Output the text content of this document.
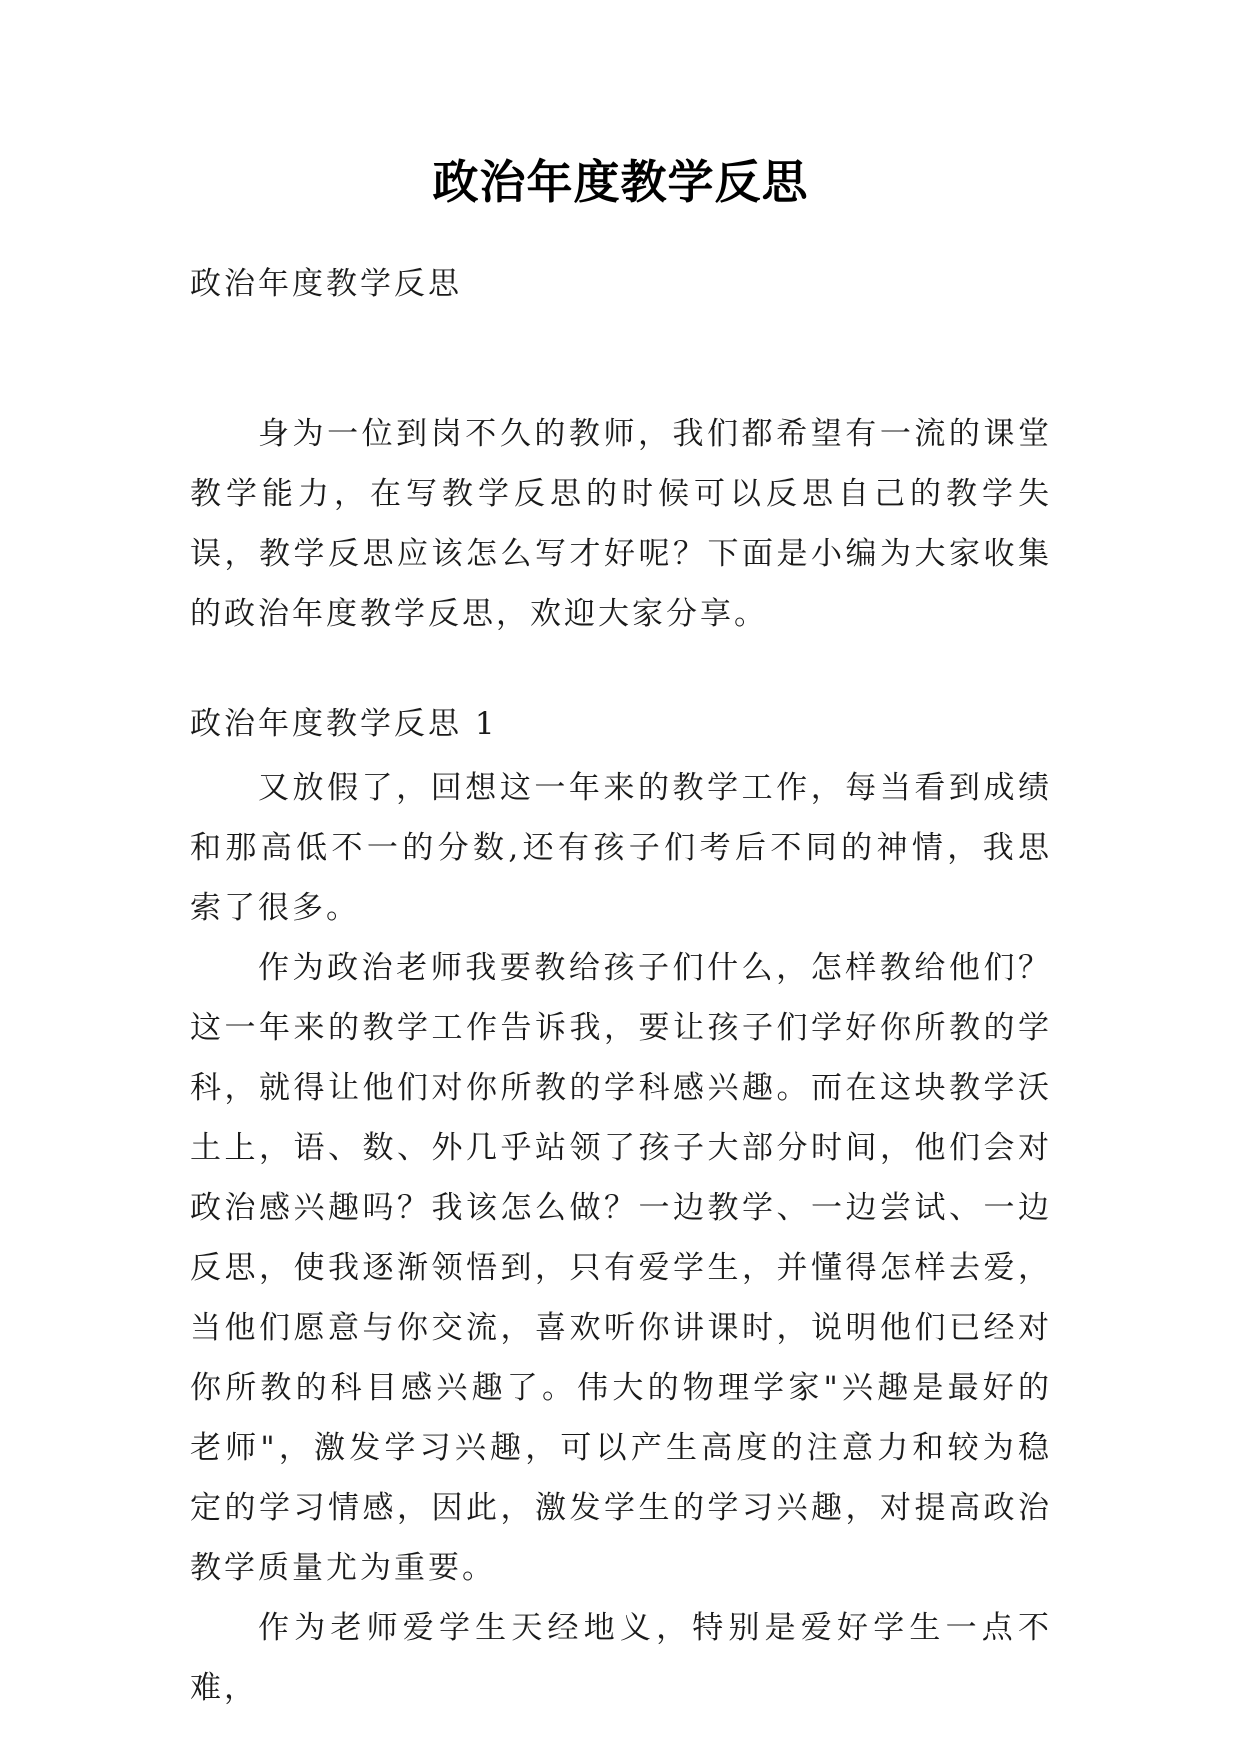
政治年度教学反思
政治年度教学反思

身为一位到岗不久的教师，我们都希望有一流的课堂教学能力，在写教学反思的时候可以反思自己的教学失误，教学反思应该怎么写才好呢？下面是小编为大家收集的政治年度教学反思，欢迎大家分享。

政治年度教学反思 1

又放假了，回想这一年来的教学工作，每当看到成绩和那高低不一的分数,还有孩子们考后不同的神情，我思索了很多。

作为政治老师我要教给孩子们什么，怎样教给他们？这一年来的教学工作告诉我，要让孩子们学好你所教的学科，就得让他们对你所教的学科感兴趣。而在这块教学沃土上，语、数、外几乎站领了孩子大部分时间，他们会对政治感兴趣吗？我该怎么做？一边教学、一边尝试、一边反思，使我逐渐领悟到，只有爱学生，并懂得怎样去爱，当他们愿意与你交流，喜欢听你讲课时，说明他们已经对你所教的科目感兴趣了。伟大的物理学家"兴趣是最好的老师"，激发学习兴趣，可以产生高度的注意力和较为稳定的学习情感，因此，激发学生的学习兴趣，对提高政治教学质量尤为重要。

作为老师爱学生天经地义，特别是爱好学生一点不难，
